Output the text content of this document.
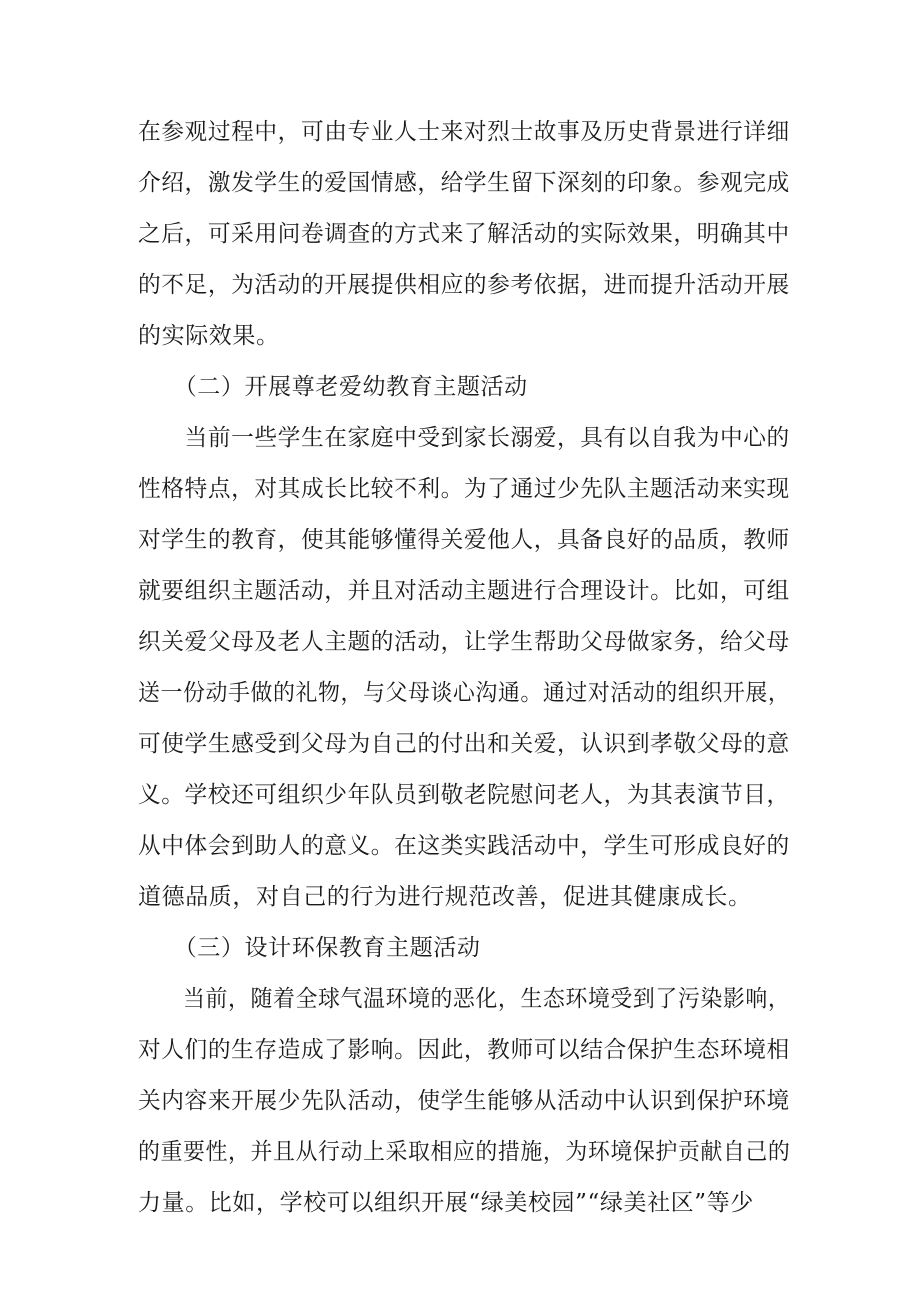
在参观过程中，可由专业人士来对烈士故事及历史背景进行详细
介绍，激发学生的爱国情感，给学生留下深刻的印象。参观完成
之后，可采用问卷调查的方式来了解活动的实际效果，明确其中
的不足，为活动的开展提供相应的参考依据，进而提升活动开展
的实际效果。
　　（二）开展尊老爱幼教育主题活动
　　当前一些学生在家庭中受到家长溺爱，具有以自我为中心的
性格特点，对其成长比较不利。为了通过少先队主题活动来实现
对学生的教育，使其能够懂得关爱他人，具备良好的品质，教师
就要组织主题活动，并且对活动主题进行合理设计。比如，可组
织关爱父母及老人主题的活动，让学生帮助父母做家务，给父母
送一份动手做的礼物，与父母谈心沟通。通过对活动的组织开展，
可使学生感受到父母为自己的付出和关爱，认识到孝敬父母的意
义。学校还可组织少年队员到敬老院慰问老人，为其表演节目，
从中体会到助人的意义。在这类实践活动中，学生可形成良好的
道德品质，对自己的行为进行规范改善，促进其健康成长。
　　（三）设计环保教育主题活动
　　当前，随着全球气温环境的恶化，生态环境受到了污染影响，
对人们的生存造成了影响。因此，教师可以结合保护生态环境相
关内容来开展少先队活动，使学生能够从活动中认识到保护环境
的重要性，并且从行动上采取相应的措施，为环境保护贡献自己的
力量。比如，学校可以组织开展“绿美校园”“绿美社区”等少
